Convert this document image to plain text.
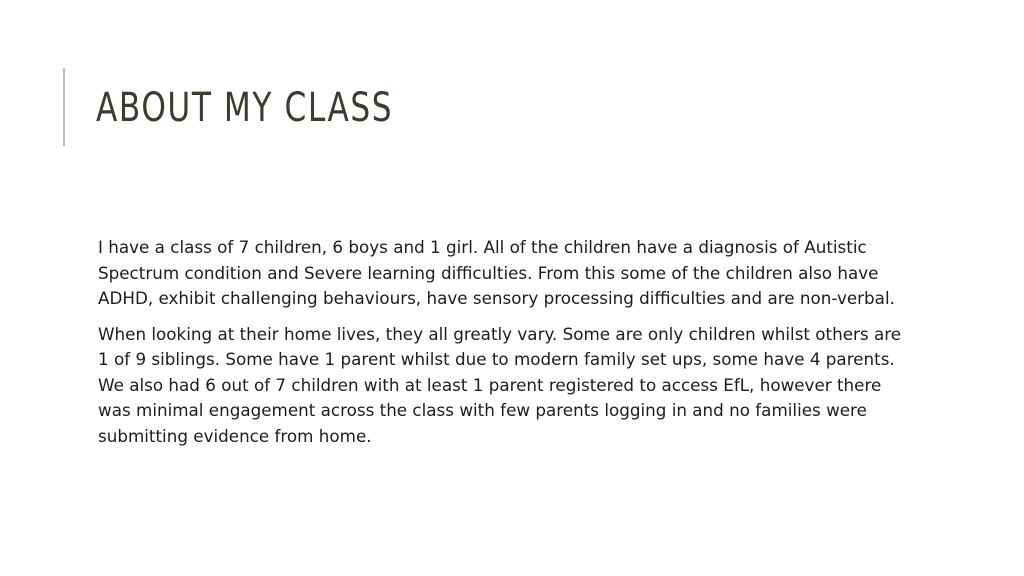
ABOUT MY CLASS

I have a class of 7 children, 6 boys and 1 girl. All of the children have a diagnosis of Autistic Spectrum condition and Severe learning difficulties. From this some of the children also have ADHD, exhibit challenging behaviours, have sensory processing difficulties and are non-verbal.

When looking at their home lives, they all greatly vary. Some are only children whilst others are 1 of 9 siblings. Some have 1 parent whilst due to modern family set ups, some have 4 parents. We also had 6 out of 7 children with at least 1 parent registered to access EfL, however there was minimal engagement across the class with few parents logging in and no families were submitting evidence from home.
